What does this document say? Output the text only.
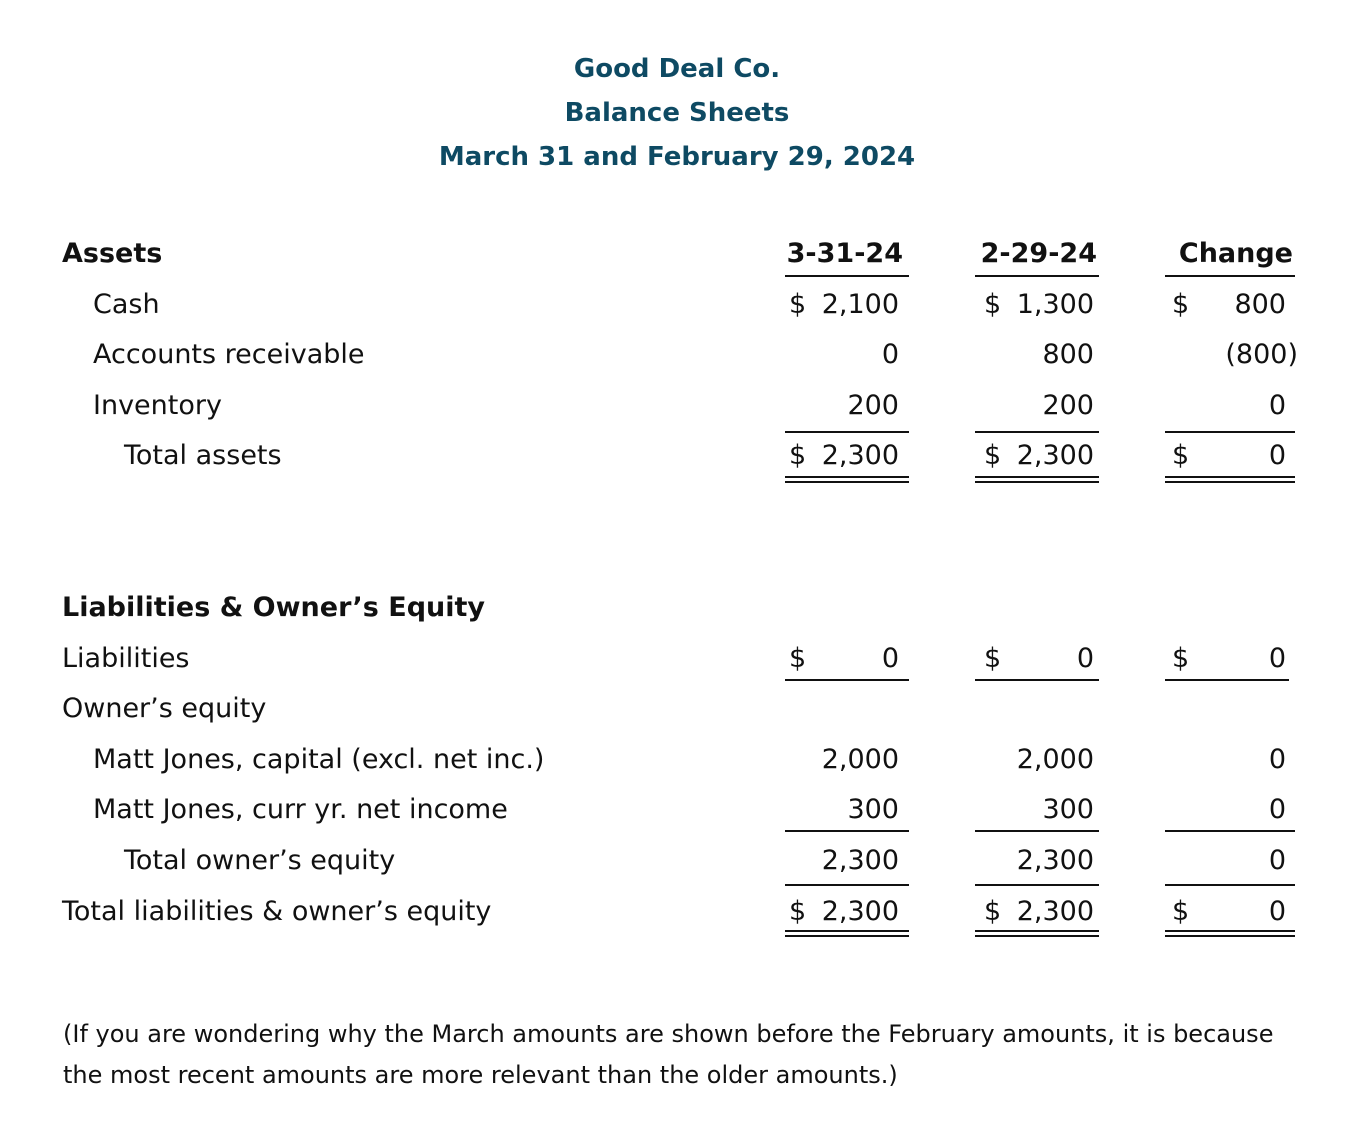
Good Deal Co.
Balance Sheets
March 31 and February 29, 2024
Assets	3-31-24	2-29-24	Change
Cash	$ 2,100	$ 1,300	$	800
Accounts receivable	0	800	(800)
Inventory	200	200	0
Total assets	$ 2,300	$ 2,300	$	0
Liabilities & Owner’s Equity
Liabilities	$	0	$	0	$	0
Owner’s equity
Matt Jones, capital (excl. net inc.)	2,000	2,000	0
Matt Jones, curr yr. net income	300	300	0
Total owner’s equity	2,300	2,300	0
Total liabilities & owner’s equity	$ 2,300	$ 2,300	$	0
(If you are wondering why the March amounts are shown before the February amounts, it is because the most recent amounts are more relevant than the older amounts.)
